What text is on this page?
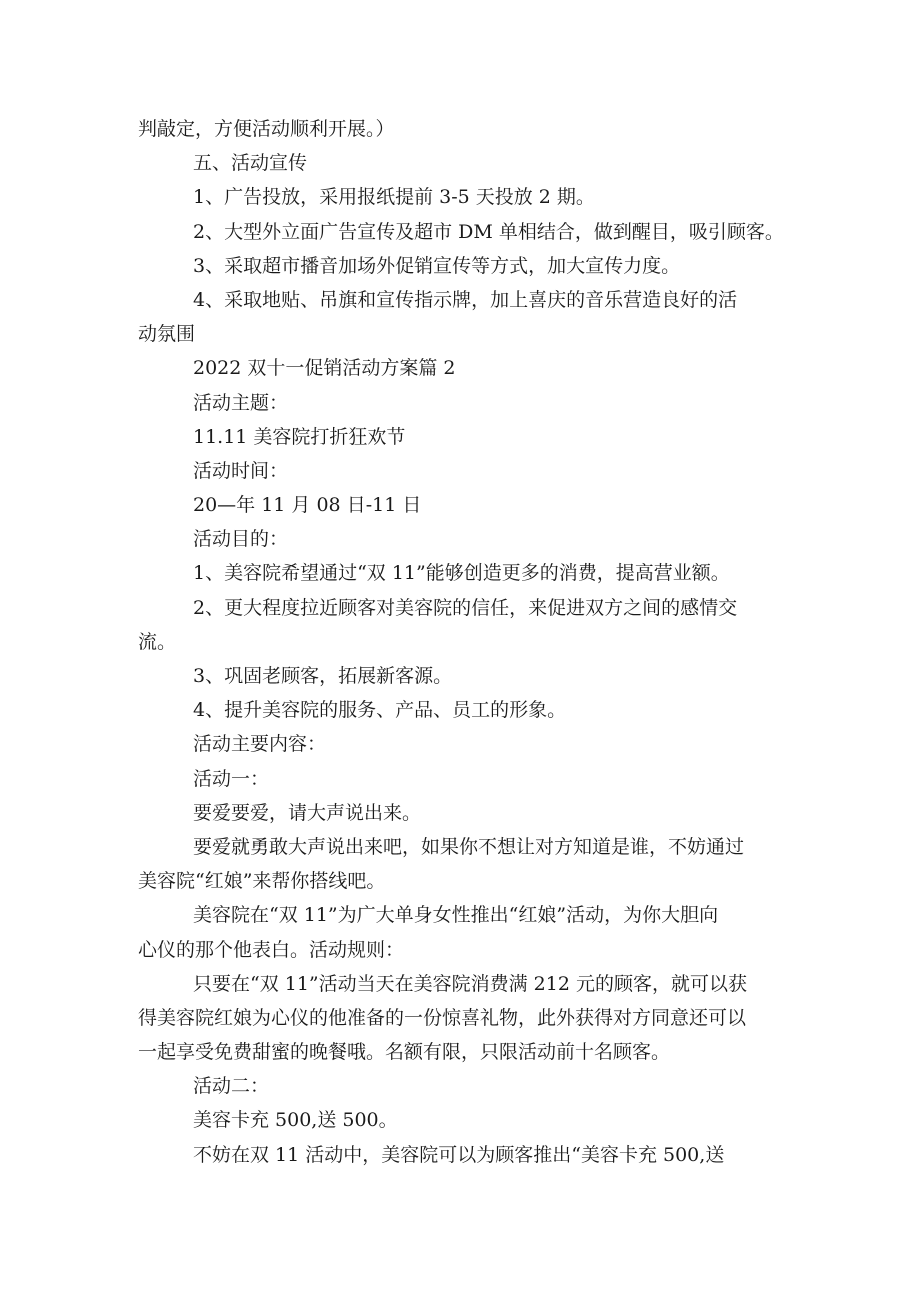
判敲定，方便活动顺利开展。）

五、活动宣传

1、广告投放，采用报纸提前 3-5 天投放 2 期。

2、大型外立面广告宣传及超市 DM 单相结合，做到醒目，吸引顾客。

3、采取超市播音加场外促销宣传等方式，加大宣传力度。

4、采取地贴、吊旗和宣传指示牌，加上喜庆的音乐营造良好的活

动氛围

2022 双十一促销活动方案篇 2

活动主题：

11.11 美容院打折狂欢节

活动时间：

20—年 11 月 08 日-11 日

活动目的：

1、美容院希望通过“双 11”能够创造更多的消费，提高营业额。

2、更大程度拉近顾客对美容院的信任，来促进双方之间的感情交

流。

3、巩固老顾客，拓展新客源。

4、提升美容院的服务、产品、员工的形象。

活动主要内容：

活动一：

要爱要爱，请大声说出来。

要爱就勇敢大声说出来吧，如果你不想让对方知道是谁，不妨通过

美容院“红娘”来帮你搭线吧。

美容院在“双 11”为广大单身女性推出“红娘”活动，为你大胆向

心仪的那个他表白。活动规则：

只要在“双 11”活动当天在美容院消费满 212 元的顾客，就可以获

得美容院红娘为心仪的他准备的一份惊喜礼物，此外获得对方同意还可以

一起享受免费甜蜜的晚餐哦。名额有限，只限活动前十名顾客。

活动二：

美容卡充 500,送 500。

不妨在双 11 活动中，美容院可以为顾客推出“美容卡充 500,送
